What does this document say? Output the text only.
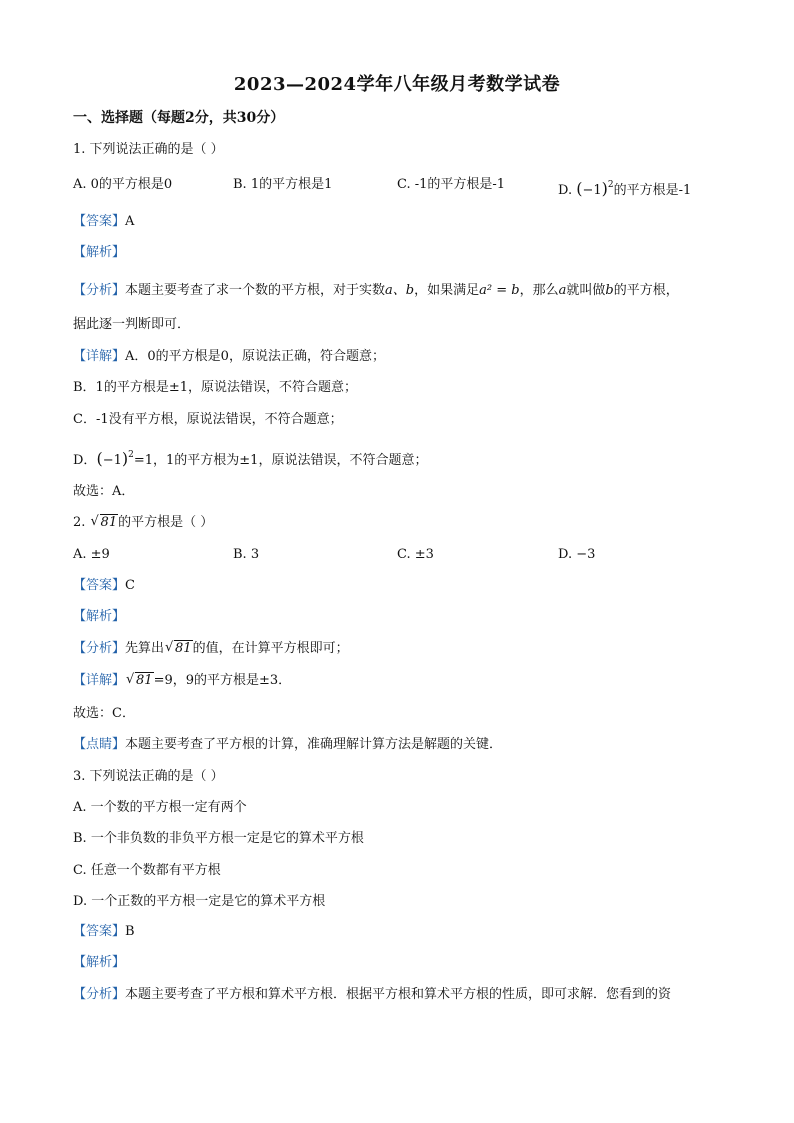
2023—2024学年八年级月考数学试卷
一、选择题（每题2分，共30分）
1. 下列说法正确的是（ ）
A. 0的平方根是0	B. 1的平方根是1	C. -1的平方根是-1	D. $(-1)^2$的平方根是-1
【答案】A
【解析】
【分析】本题主要考查了求一个数的平方根，对于实数a、b，如果满足a² = b，那么a就叫做b的平方根，
据此逐一判断即可．
【详解】A．0的平方根是0，原说法正确，符合题意；
B．1的平方根是±1，原说法错误，不符合题意；
C．-1没有平方根，原说法错误，不符合题意；
D．$(-1)^2=1$，1的平方根为±1，原说法错误，不符合题意；
故选：A．
2. √ 81的平方根是（ ）
A. ±9	B. 3	C. ±3	D. −3
【答案】C
【解析】
【分析】先算出 √ 81的值，在计算平方根即可；
【详解】 √ 81=9，9的平方根是±3．
故选：C．
【点睛】本题主要考查了平方根的计算，准确理解计算方法是解题的关键．
3. 下列说法正确的是（ ）
A. 一个数的平方根一定有两个
B. 一个非负数的非负平方根一定是它的算术平方根
C. 任意一个数都有平方根
D. 一个正数的平方根一定是它的算术平方根
【答案】B
【解析】
【分析】本题主要考查了平方根和算术平方根．根据平方根和算术平方根的性质，即可求解．您看到的资
